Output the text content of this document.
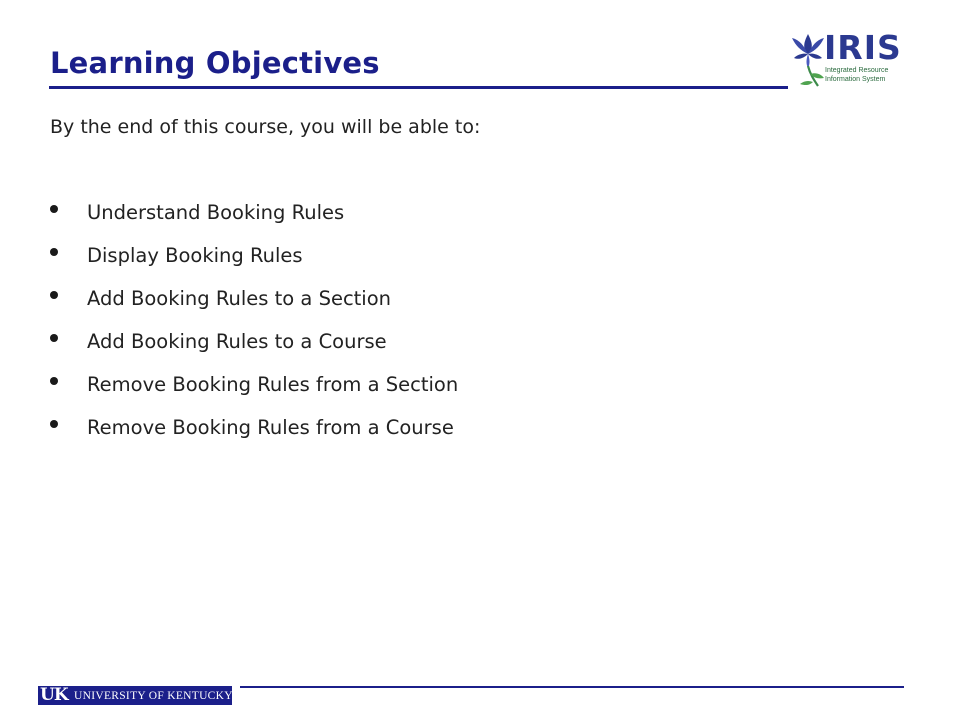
Learning Objectives	IRIS
Integrated Resource
Information System

By the end of this course, you will be able to:

Understand Booking Rules
Display Booking Rules
Add Booking Rules to a Section
Add Booking Rules to a Course
Remove Booking Rules from a Section
Remove Booking Rules from a Course
UK UNIVERSITY OF KENTUCKY
